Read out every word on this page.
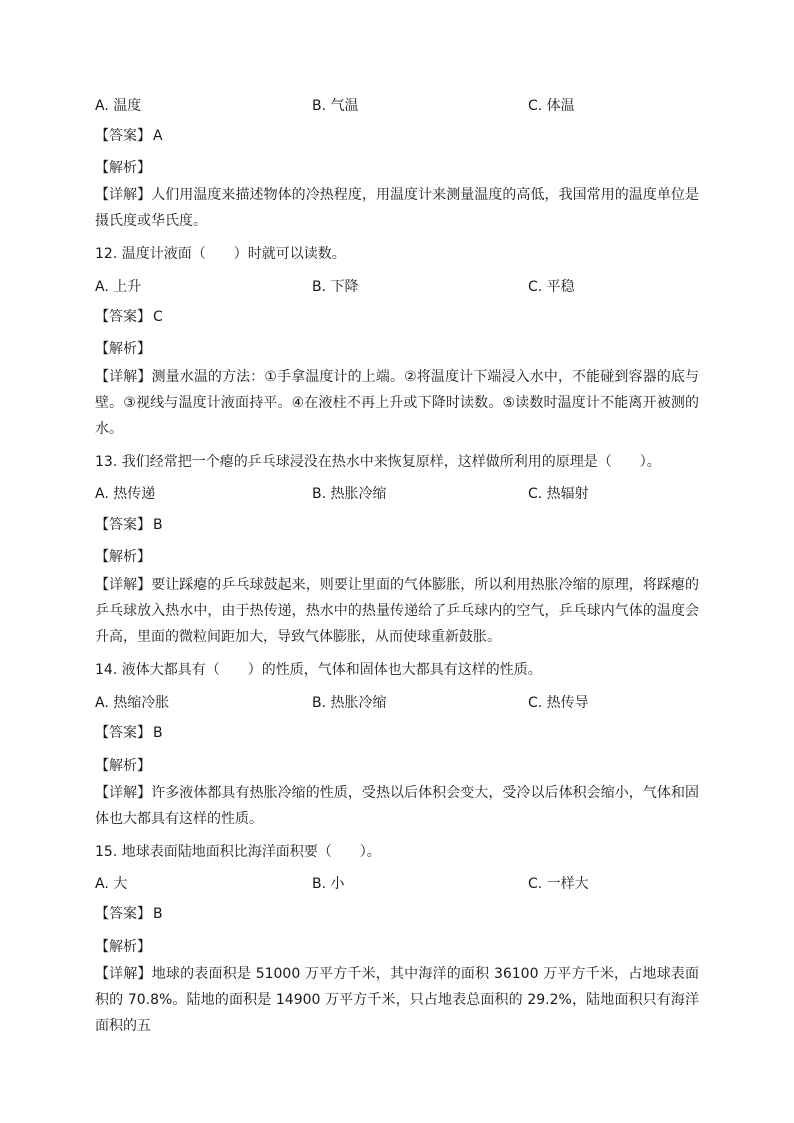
A. 温度	B. 气温	C. 体温
【答案】 A
【解析】
【详解】人们用温度来描述物体的冷热程度，用温度计来测量温度的高低，我国常用的温度单位是摄氏度或华氏度。
12. 温度计液面（　　）时就可以读数。
A. 上升	B. 下降	C. 平稳
【答案】 C
【解析】
【详解】测量水温的方法：①手拿温度计的上端。②将温度计下端浸入水中，不能碰到容器的底与壁。③视线与温度计液面持平。④在液柱不再上升或下降时读数。⑤读数时温度计不能离开被测的水。
13. 我们经常把一个瘪的乒乓球浸没在热水中来恢复原样，这样做所利用的原理是（　　）。
A. 热传递	B. 热胀冷缩	C. 热辐射
【答案】 B
【解析】
【详解】要让踩瘪的乒乓球鼓起来，则要让里面的气体膨胀，所以利用热胀冷缩的原理，将踩瘪的乒乓球放入热水中，由于热传递，热水中的热量传递给了乒乓球内的空气，乒乓球内气体的温度会升高，里面的微粒间距加大，导致气体膨胀，从而使球重新鼓胀。
14. 液体大都具有（　　）的性质，气体和固体也大都具有这样的性质。
A. 热缩冷胀	B. 热胀冷缩	C. 热传导
【答案】 B
【解析】
【详解】许多液体都具有热胀冷缩的性质，受热以后体积会变大，受冷以后体积会缩小，气体和固体也大都具有这样的性质。
15. 地球表面陆地面积比海洋面积要（　　）。
A. 大	B. 小	C. 一样大
【答案】 B
【解析】
【详解】地球的表面积是 51000 万平方千米，其中海洋的面积 36100 万平方千米，占地球表面积的 70.8%。陆地的面积是 14900 万平方千米，只占地表总面积的 29.2%，陆地面积只有海洋面积的五
